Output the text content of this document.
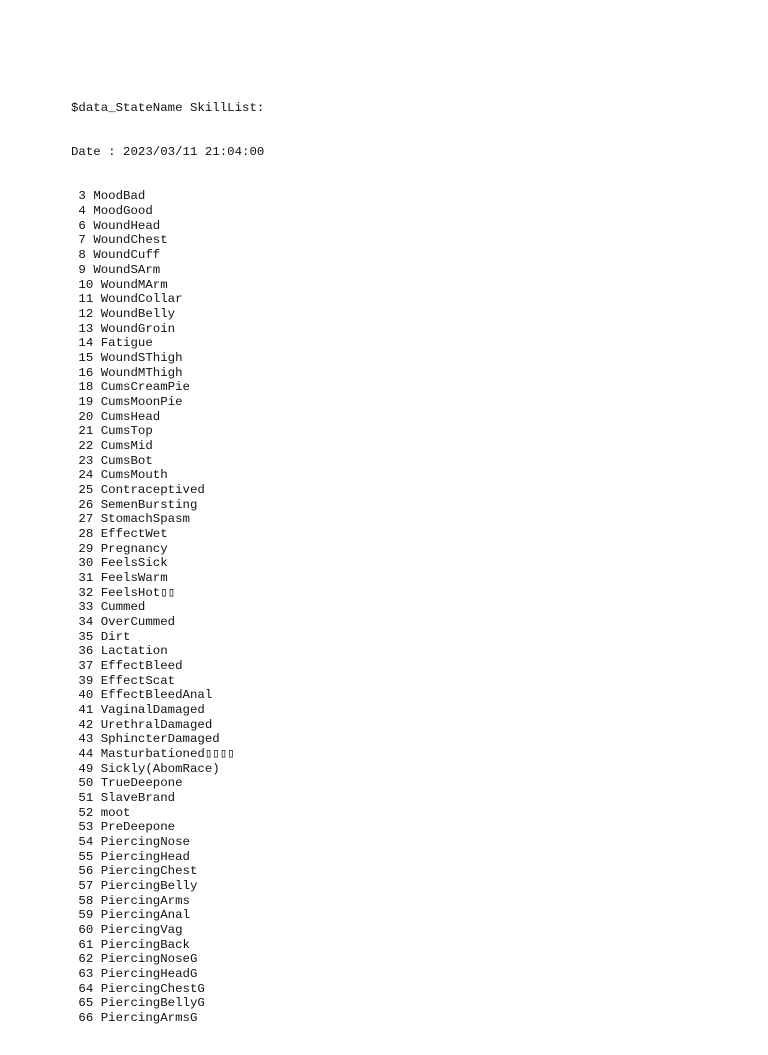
$data_StateName SkillList:

Date : 2023/03/11 21:04:00

3 MoodBad
4 MoodGood
6 WoundHead
7 WoundChest
8 WoundCuff
9 WoundSArm
10 WoundMArm
11 WoundCollar
12 WoundBelly
13 WoundGroin
14 Fatigue
15 WoundSThigh
16 WoundMThigh
18 CumsCreamPie
19 CumsMoonPie
20 CumsHead
21 CumsTop
22 CumsMid
23 CumsBot
24 CumsMouth
25 Contraceptived
26 SemenBursting
27 StomachSpasm
28 EffectWet
29 Pregnancy
30 FeelsSick
31 FeelsWarm
32 FeelsHot▯▯
33 Cummed
34 OverCummed
35 Dirt
36 Lactation
37 EffectBleed
39 EffectScat
40 EffectBleedAnal
41 VaginalDamaged
42 UrethralDamaged
43 SphincterDamaged
44 Masturbationed▯▯▯▯
49 Sickly(AbomRace)
50 TrueDeepone
51 SlaveBrand
52 moot
53 PreDeepone
54 PiercingNose
55 PiercingHead
56 PiercingChest
57 PiercingBelly
58 PiercingArms
59 PiercingAnal
60 PiercingVag
61 PiercingBack
62 PiercingNoseG
63 PiercingHeadG
64 PiercingChestG
65 PiercingBellyG
66 PiercingArmsG
